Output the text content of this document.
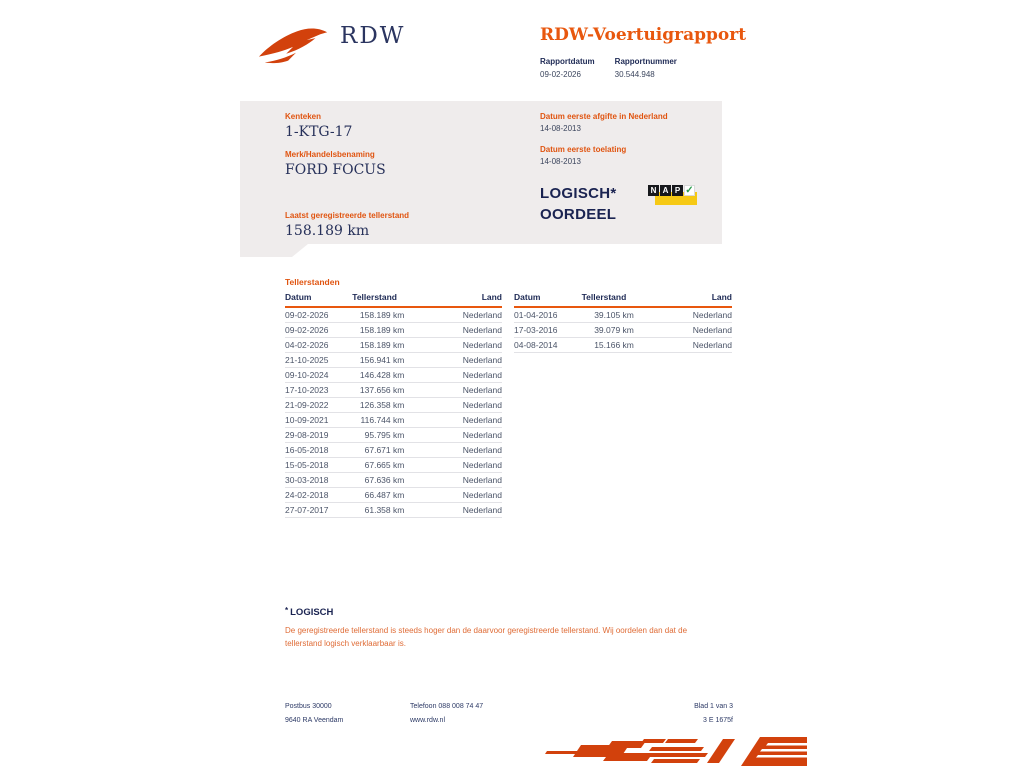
RDW	RDW-Voertuigrapport
Rapportdatum
09-02-2026
Rapportnummer
30.544.948
Kenteken
1-KTG-17
Merk/Handelsbenaming
FORD FOCUS
Laatst geregistreerde tellerstand
158.189 km
Datum eerste afgifte in Nederland
14-08-2013
Datum eerste toelating
14-08-2013
LOGISCH*
OORDEEL
N A P ✓
Tellerstanden
Datum	Tellerstand	Land
09-02-2026	158.189 km	Nederland
09-02-2026	158.189 km	Nederland
04-02-2026	158.189 km	Nederland
21-10-2025	156.941 km	Nederland
09-10-2024	146.428 km	Nederland
17-10-2023	137.656 km	Nederland
21-09-2022	126.358 km	Nederland
10-09-2021	116.744 km	Nederland
29-08-2019	95.795 km	Nederland
16-05-2018	67.671 km	Nederland
15-05-2018	67.665 km	Nederland
30-03-2018	67.636 km	Nederland
24-02-2018	66.487 km	Nederland
27-07-2017	61.358 km	Nederland
Datum	Tellerstand	Land
01-04-2016	39.105 km	Nederland
17-03-2016	39.079 km	Nederland
04-08-2014	15.166 km	Nederland
* LOGISCH
De geregistreerde tellerstand is steeds hoger dan de daarvoor geregistreerde tellerstand. Wij oordelen dan dat de tellerstand logisch verklaarbaar is.
Postbus 30000
9640 RA Veendam
Telefoon 088 008 74 47
www.rdw.nl
Blad 1 van 3
3 E 1675f
